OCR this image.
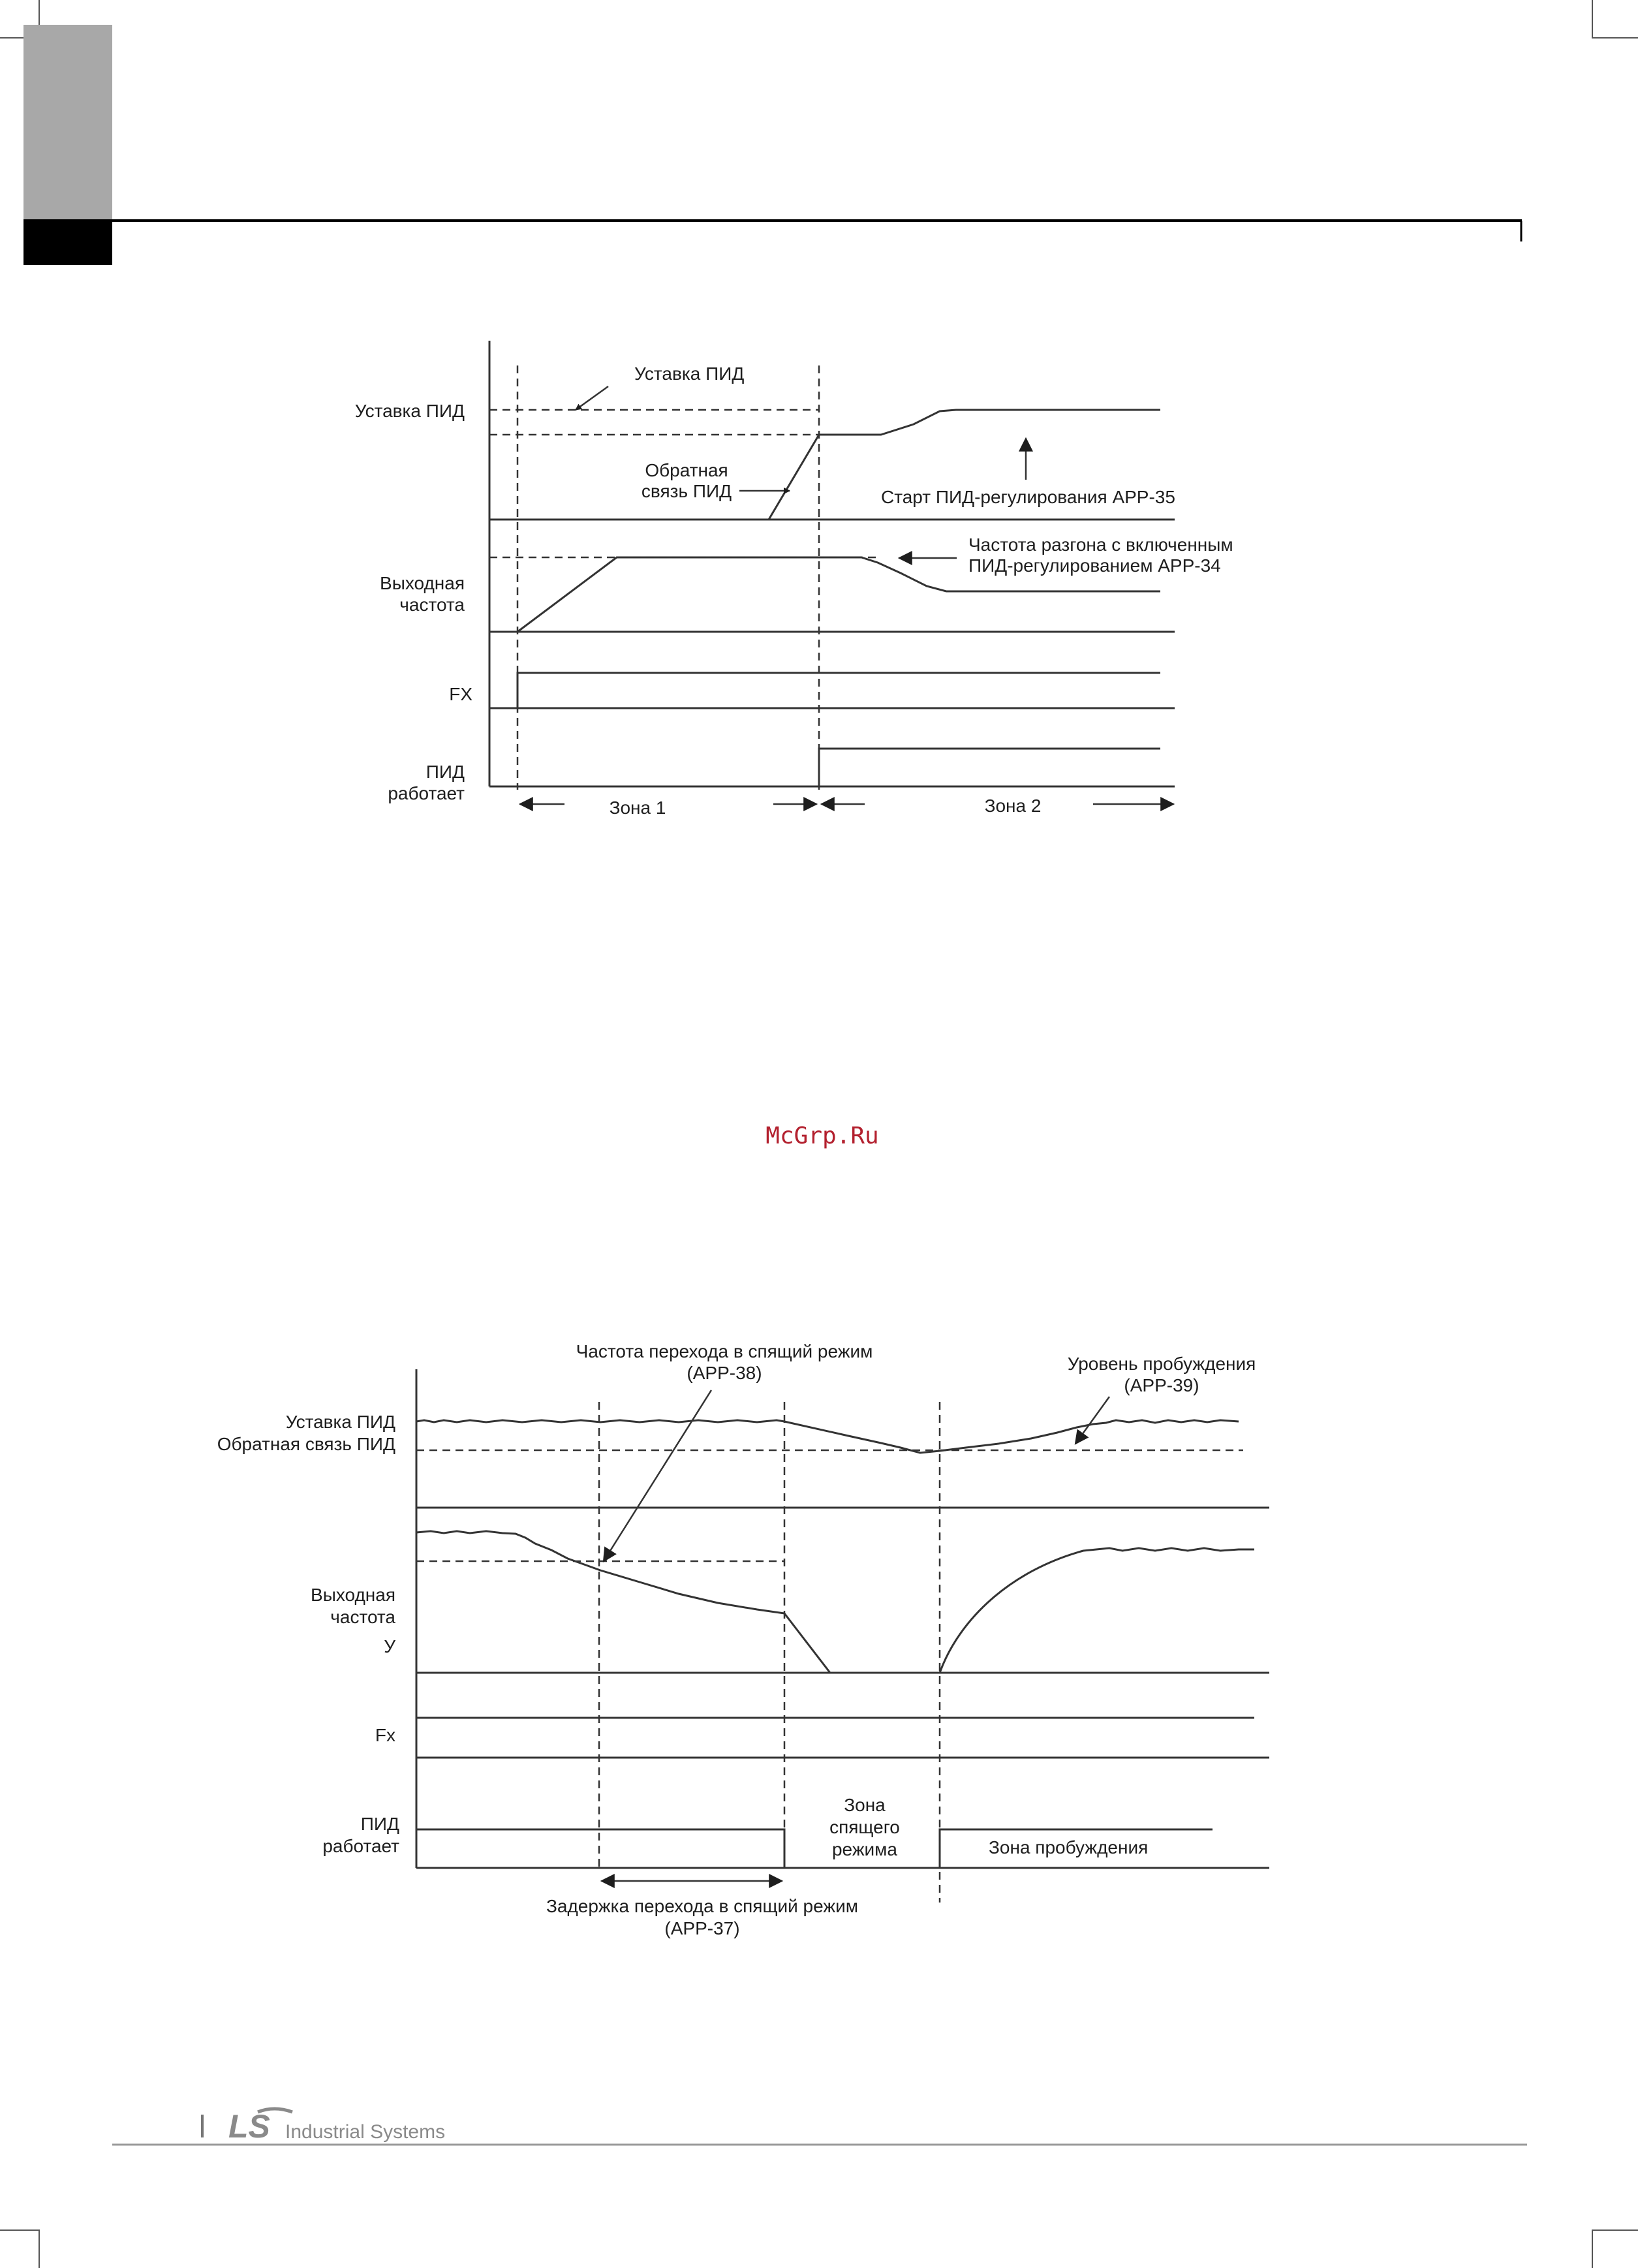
McGrp.Ru
Уставка ПИД
Уставка ПИД
Обратная
связь ПИД	Старт ПИД-регулирования APP-35
Частота разгона с включенным
ПИД-регулированием APP-34
Выходная
частота
FX
ПИД
работает
Зона 1	Зона 2
Частота перехода в спящий режим
(APP-38)	Уровень пробуждения
(APP-39)
Уставка ПИД
Обратная связь ПИД
Выходная
частота
У
Fx
ПИД
работает
Зона
спящего
режима	Зона пробуждения
Задержка перехода в спящий режим
(APP-37)
LS Industrial Systems
